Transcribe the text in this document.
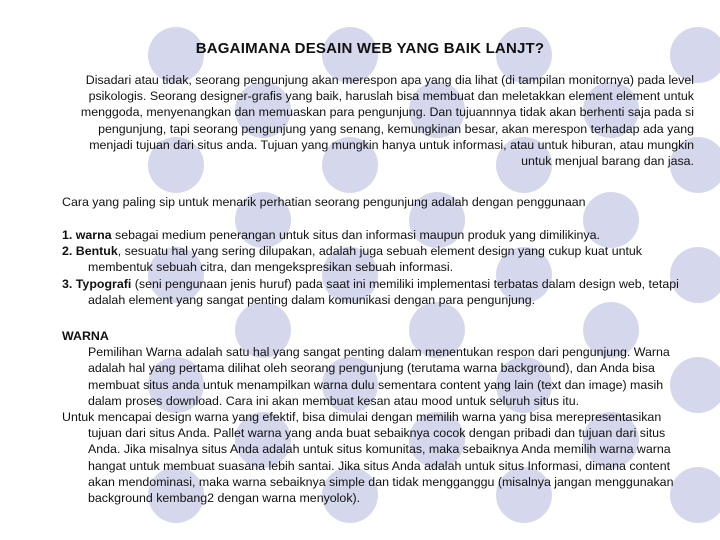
BAGAIMANA DESAIN WEB YANG BAIK LANJT?
Disadari atau tidak, seorang pengunjung akan merespon apa yang dia lihat (di tampilan monitornya) pada level psikologis. Seorang designer-grafis yang baik, haruslah bisa membuat dan meletakkan element element untuk menggoda, menyenangkan dan memuaskan para pengunjung. Dan tujuannnya tidak akan berhenti saja pada si pengunjung, tapi seorang pengunjung yang senang, kemungkinan besar, akan merespon terhadap ada yang menjadi tujuan dari situs anda. Tujuan yang mungkin hanya untuk informasi, atau untuk hiburan, atau mungkin untuk menjual barang dan jasa.
Cara yang paling sip untuk menarik perhatian seorang pengunjung adalah dengan penggunaan
1. warna sebagai medium penerangan untuk situs dan informasi maupun produk yang dimilikinya.
2. Bentuk, sesuatu hal yang sering dilupakan, adalah juga sebuah element design yang cukup kuat untuk membentuk sebuah citra, dan mengekspresikan sebuah informasi.
3. Typografi (seni pengunaan jenis huruf) pada saat ini memiliki implementasi terbatas dalam design web, tetapi adalah element yang sangat penting dalam komunikasi dengan para pengunjung.
WARNA
Pemilihan Warna adalah satu hal yang sangat penting dalam menentukan respon dari pengunjung. Warna adalah hal yang pertama dilihat oleh seorang pengunjung (terutama warna background), dan Anda bisa membuat situs anda untuk menampilkan warna dulu sementara content yang lain (text dan image) masih dalam proses download. Cara ini akan membuat kesan atau mood untuk seluruh situs itu.
Untuk mencapai design warna yang efektif, bisa dimulai dengan memilih warna yang bisa merepresentasikan tujuan dari situs Anda. Pallet warna yang anda buat sebaiknya cocok dengan pribadi dan tujuan dari situs Anda. Jika misalnya situs Anda adalah untuk situs komunitas, maka sebaiknya Anda memilih warna warna hangat untuk membuat suasana lebih santai. Jika situs Anda adalah untuk situs Informasi, dimana content akan mendominasi, maka warna sebaiknya simple dan tidak mengganggu (misalnya jangan menggunakan background kembang2 dengan warna menyolok).
